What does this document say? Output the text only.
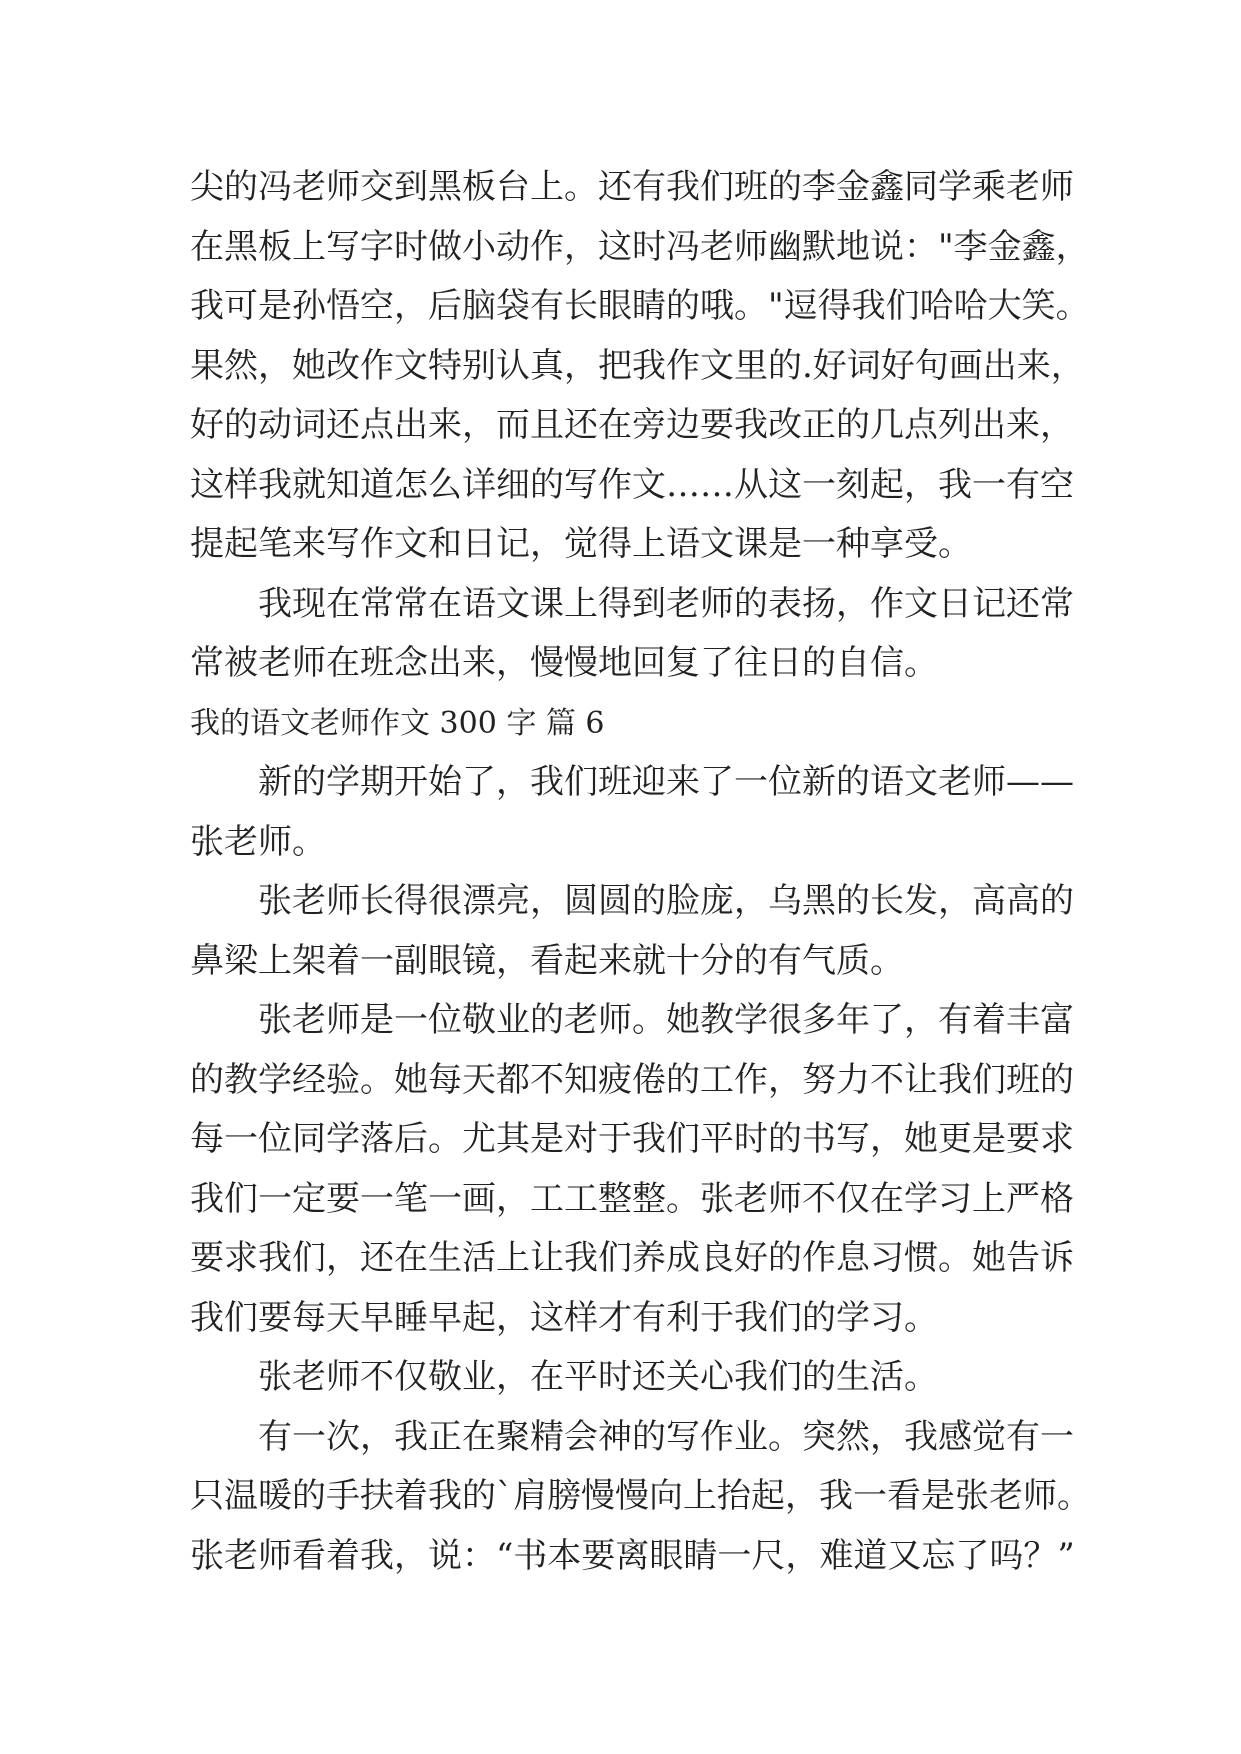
尖的冯老师交到黑板台上。还有我们班的李金鑫同学乘老师
在黑板上写字时做小动作，这时冯老师幽默地说："李金鑫，
我可是孙悟空，后脑袋有长眼睛的哦。"逗得我们哈哈大笑。
果然，她改作文特别认真，把我作文里的.好词好句画出来，
好的动词还点出来，而且还在旁边要我改正的几点列出来，
这样我就知道怎么详细的写作文……从这一刻起，我一有空
提起笔来写作文和日记，觉得上语文课是一种享受。
我现在常常在语文课上得到老师的表扬，作文日记还常
常被老师在班念出来，慢慢地回复了往日的自信。
我的语文老师作文 300 字 篇 6
新的学期开始了，我们班迎来了一位新的语文老师——
张老师。
张老师长得很漂亮，圆圆的脸庞，乌黑的长发，高高的
鼻梁上架着一副眼镜，看起来就十分的有气质。
张老师是一位敬业的老师。她教学很多年了，有着丰富
的教学经验。她每天都不知疲倦的工作，努力不让我们班的
每一位同学落后。尤其是对于我们平时的书写，她更是要求
我们一定要一笔一画，工工整整。张老师不仅在学习上严格
要求我们，还在生活上让我们养成良好的作息习惯。她告诉
我们要每天早睡早起，这样才有利于我们的学习。
张老师不仅敬业，在平时还关心我们的生活。
有一次，我正在聚精会神的写作业。突然，我感觉有一
只温暖的手扶着我的`肩膀慢慢向上抬起，我一看是张老师。
张老师看着我，说：“书本要离眼睛一尺，难道又忘了吗？”
